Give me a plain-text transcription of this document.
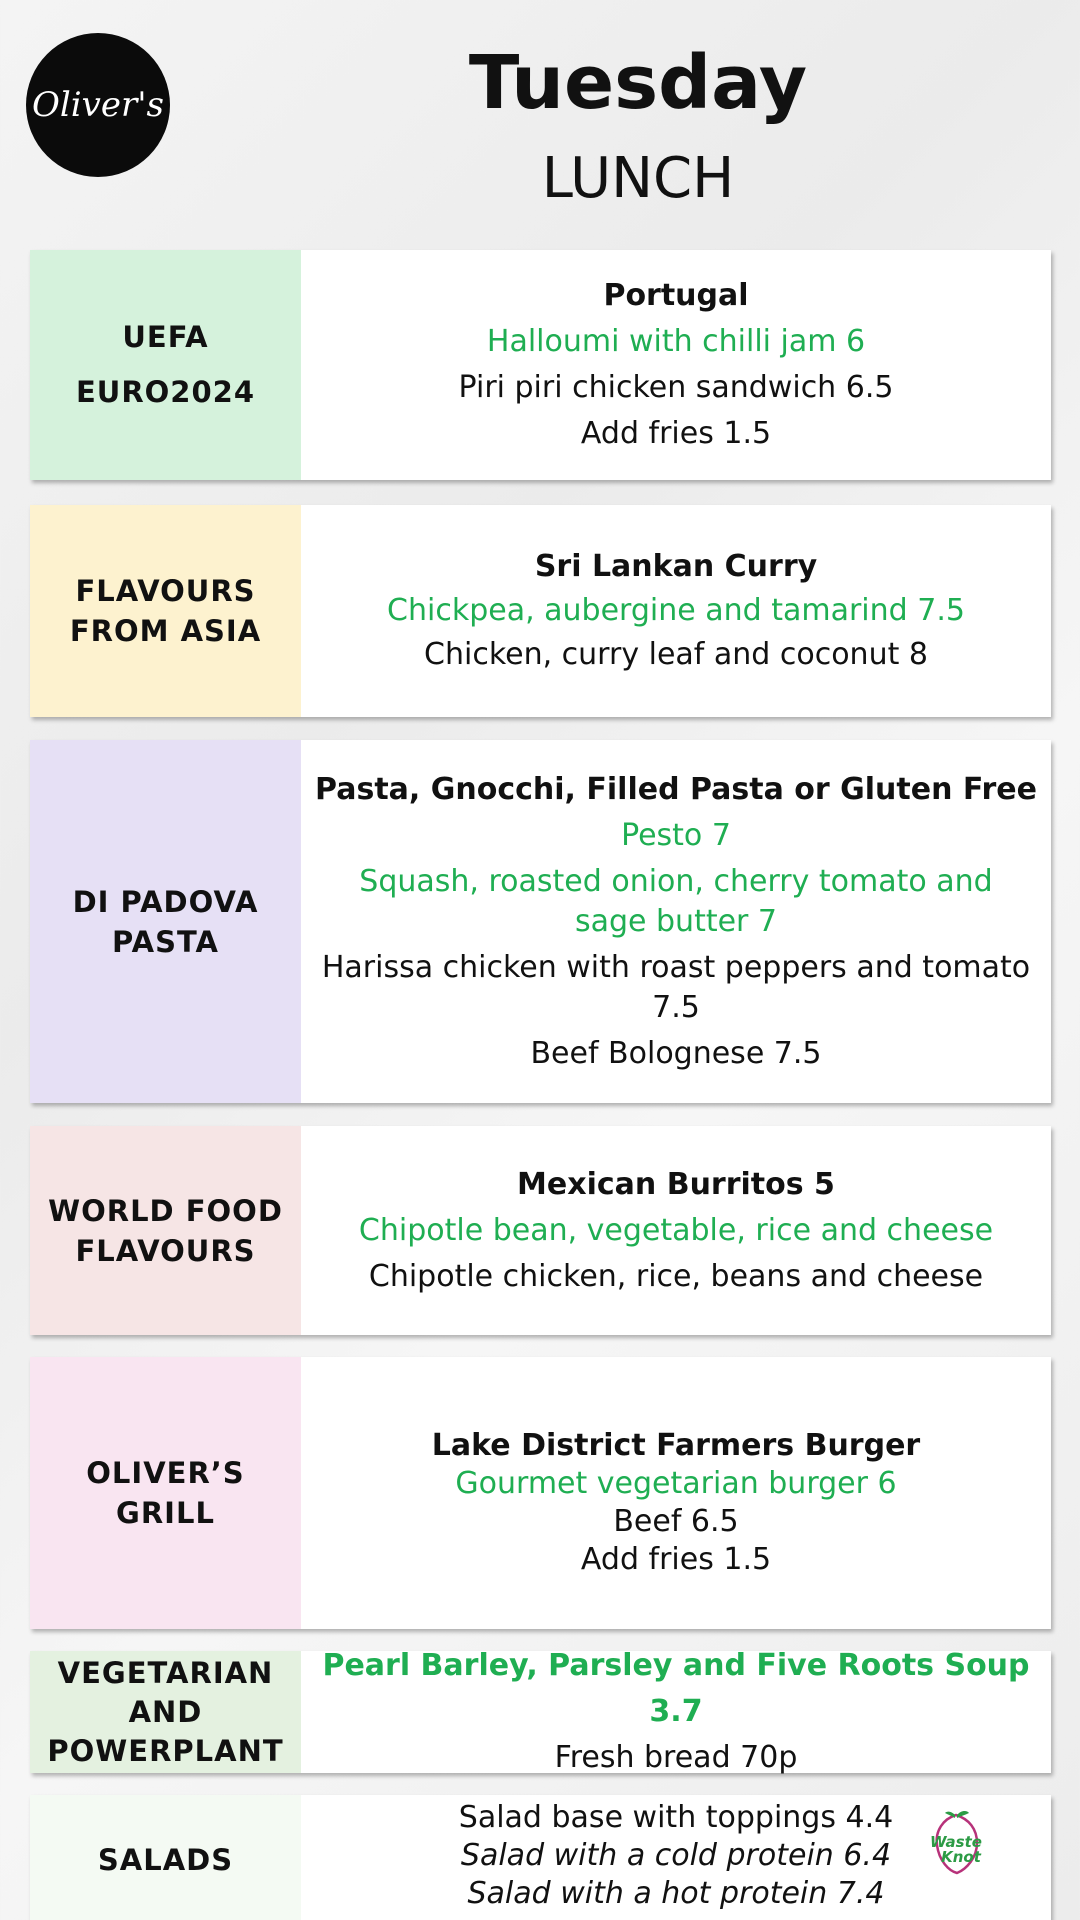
Oliver's	Tuesday
LUNCH
UEFA
EURO2024
Portugal
Halloumi with chilli jam 6
Piri piri chicken sandwich 6.5
Add fries 1.5
FLAVOURS
FROM ASIA
Sri Lankan Curry
Chickpea, aubergine and tamarind 7.5
Chicken, curry leaf and coconut 8
DI PADOVA
PASTA
Pasta, Gnocchi, Filled Pasta or Gluten Free
Pesto 7
Squash, roasted onion, cherry tomato and
sage butter 7
Harissa chicken with roast peppers and tomato 7.5
Beef Bolognese 7.5
WORLD FOOD
FLAVOURS
Mexican Burritos 5
Chipotle bean, vegetable, rice and cheese
Chipotle chicken, rice, beans and cheese
OLIVER’S GRILL
Lake District Farmers Burger
Gourmet vegetarian burger 6
Beef 6.5
Add fries 1.5
VEGETARIAN
AND
POWERPLANT
Pearl Barley, Parsley and Five Roots Soup 3.7
Fresh bread 70p
SALADS
Salad base with toppings 4.4
Salad with a cold protein 6.4
Salad with a hot protein 7.4
Waste
Knot
